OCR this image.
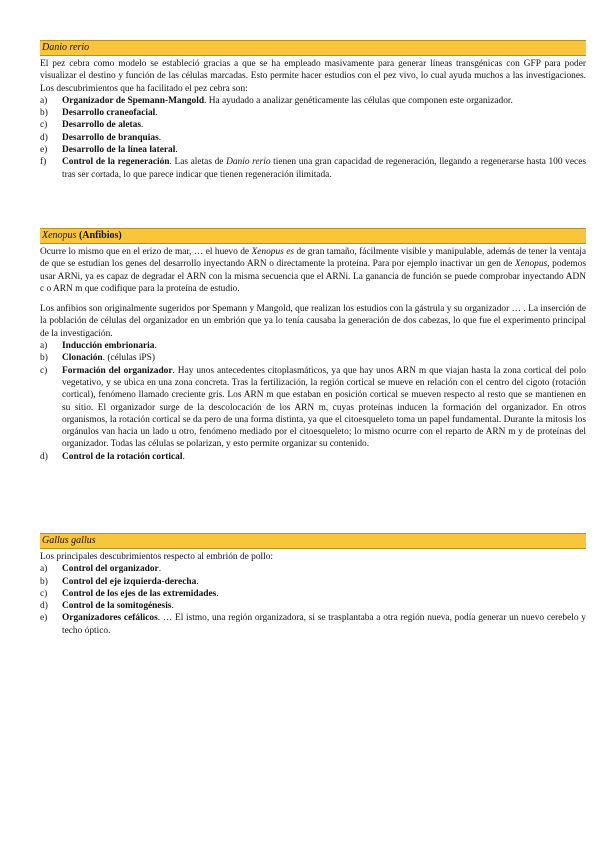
Danio rerio

El pez cebra como modelo se estableció gracias a que se ha empleado masivamente para generar líneas transgénicas con GFP para poder visualizar el destino y función de las células marcadas. Esto permite hacer estudios con el pez vivo, lo cual ayuda muchos a las investigaciones. Los descubrimientos que ha facilitado el pez cebra son:

a) Organizador de Spemann-Mangold. Ha ayudado a analizar genéticamente las células que componen este organizador.
b) Desarrollo craneofacial.
c) Desarrollo de aletas.
d) Desarrollo de branquias.
e) Desarrollo de la línea lateral.
f) Control de la regeneración. Las aletas de Danio rerio tienen una gran capacidad de regeneración, llegando a regenerarse hasta 100 veces tras ser cortada, lo que parece indicar que tienen regeneración ilimitada.
Xenopus (Anfibios)

Ocurre lo mismo que en el erizo de mar, … el huevo de Xenopus es de gran tamaño, fácilmente visible y manipulable, además de tener la ventaja de que se estudian los genes del desarrollo inyectando ARN o directamente la proteína. Para por ejemplo inactivar un gen de Xenopus, podemos usar ARNi, ya es capaz de degradar el ARN con la misma secuencia que el ARNi. La ganancia de función se puede comprobar inyectando ADN c o ARN m que codifique para la proteína de estudio.

Los anfibios son originalmente sugeridos por Spemann y Mangold, que realizan los estudios con la gástrula y su organizador … . La inserción de la población de células del organizador en un embrión que ya lo tenía causaba la generación de dos cabezas, lo que fue el experimento principal de la investigación.

a) Inducción embrionaria.
b) Clonación. (células iPS)
c) Formación del organizador. Hay unos antecedentes citoplasmáticos, ya que hay unos ARN m que viajan hasta la zona cortical del polo vegetativo, y se ubica en una zona concreta. Tras la fertilización, la región cortical se mueve en relación con el centro del cigoto (rotación cortical), fenómeno llamado creciente gris. Los ARN m que estaban en posición cortical se mueven respecto al resto que se mantienen en su sitio. El organizador surge de la descolocación de los ARN m, cuyas proteínas inducen la formación del organizador. En otros organismos, la rotación cortical se da pero de una forma distinta, ya que el citoesqueleto toma un papel fundamental. Durante la mitosis los orgánulos van hacia un lado u otro, fenómeno mediado por el citoesqueleto; lo mismo ocurre con el reparto de ARN m y de proteínas del organizador. Todas las células se polarizan, y esto permite organizar su contenido.
d) Control de la rotación cortical.
Gallus gallus

Los principales descubrimientos respecto al embrión de pollo:

a) Control del organizador.
b) Control del eje izquierda-derecha.
c) Control de los ejes de las extremidades.
d) Control de la somitogénesis.
e) Organizadores cefálicos. … El istmo, una región organizadora, si se trasplantaba a otra región nueva, podía generar un nuevo cerebelo y techo óptico.
